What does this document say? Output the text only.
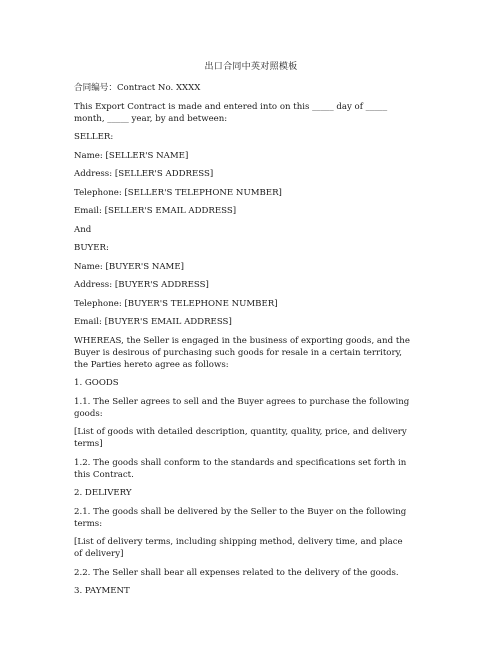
出口合同中英对照模板

合同编号：Contract No. XXXX

This Export Contract is made and entered into on this _____ day of _____ month, _____ year, by and between:

SELLER:

Name: [SELLER'S NAME]

Address: [SELLER'S ADDRESS]

Telephone: [SELLER'S TELEPHONE NUMBER]

Email: [SELLER'S EMAIL ADDRESS]

And

BUYER:

Name: [BUYER'S NAME]

Address: [BUYER'S ADDRESS]

Telephone: [BUYER'S TELEPHONE NUMBER]

Email: [BUYER'S EMAIL ADDRESS]

WHEREAS, the Seller is engaged in the business of exporting goods, and the Buyer is desirous of purchasing such goods for resale in a certain territory, the Parties hereto agree as follows:

1. GOODS

1.1. The Seller agrees to sell and the Buyer agrees to purchase the following goods:

[List of goods with detailed description, quantity, quality, price, and delivery terms]

1.2. The goods shall conform to the standards and specifications set forth in this Contract.

2. DELIVERY

2.1. The goods shall be delivered by the Seller to the Buyer on the following terms:

[List of delivery terms, including shipping method, delivery time, and place of delivery]

2.2. The Seller shall bear all expenses related to the delivery of the goods.

3. PAYMENT
